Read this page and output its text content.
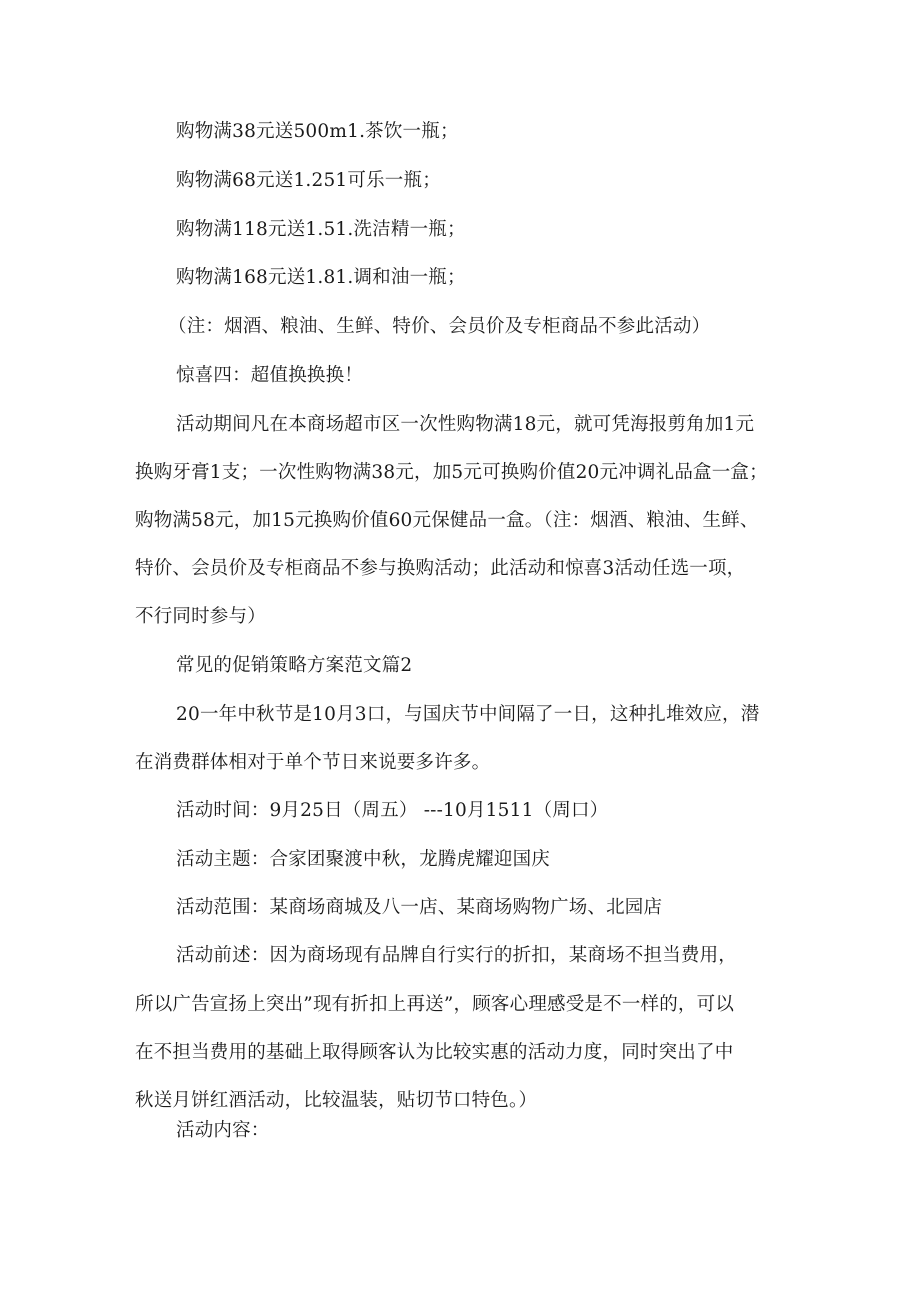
购物满38元送500m1.茶饮一瓶；
购物满68元送1.251可乐一瓶；
购物满118元送1.51.洗洁精一瓶；
购物满168元送1.81.调和油一瓶；
（注：烟酒、粮油、生鲜、特价、会员价及专柜商品不参此活动）
惊喜四：超值换换换！
活动期间凡在本商场超市区一次性购物满18元，就可凭海报剪角加1元
换购牙膏1支；一次性购物满38元，加5元可换购价值20元冲调礼品盒一盒；
购物满58元，加15元换购价值60元保健品一盒。（注：烟酒、粮油、生鲜、
特价、会员价及专柜商品不参与换购活动；此活动和惊喜3活动任选一项，
不行同时参与）
常见的促销策略方案范文篇2
20一年中秋节是10月3口，与国庆节中间隔了一日，这种扎堆效应，潜
在消费群体相对于单个节日来说要多许多。
活动时间：9月25日（周五） ---10月1511（周口）
活动主题：合家团聚渡中秋，龙腾虎耀迎国庆
活动范围：某商场商城及八一店、某商场购物广场、北园店
活动前述：因为商场现有品牌自行实行的折扣，某商场不担当费用，
所以广告宣扬上突出”现有折扣上再送”，顾客心理感受是不一样的，可以
在不担当费用的基础上取得顾客认为比较实惠的活动力度，同时突出了中
秋送月饼红酒活动，比较温装，贴切节口特色。）
活动内容：
